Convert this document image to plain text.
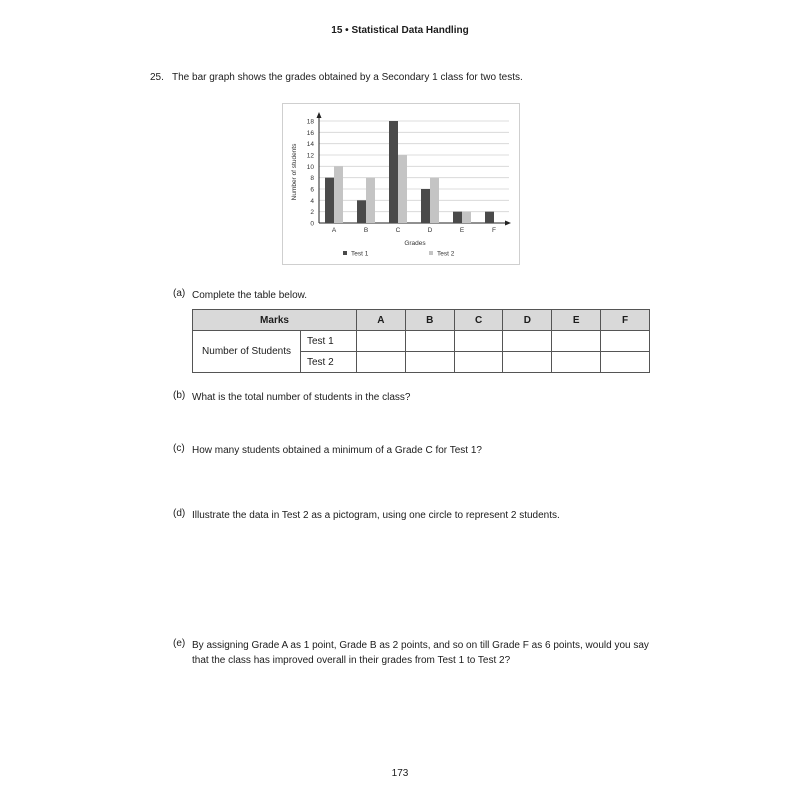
15 • Statistical Data Handling
25. The bar graph shows the grades obtained by a Secondary 1 class for two tests.
0
2
4
6
8
10
12
14
16
18
A	B	C	D	E	F
Grades
Number of students
Test 1	Test 2
(a) Complete the table below.
Marks		A	B	C	D	E	F
Number of Students	Test 1						
	Test 2						
(b) What is the total number of students in the class?
(c) How many students obtained a minimum of a Grade C for Test 1?
(d) Illustrate the data in Test 2 as a pictogram, using one circle to represent 2 students.
(e) By assigning Grade A as 1 point, Grade B as 2 points, and so on till Grade F as 6 points, would you say that the class has improved overall in their grades from Test 1 to Test 2?
173
